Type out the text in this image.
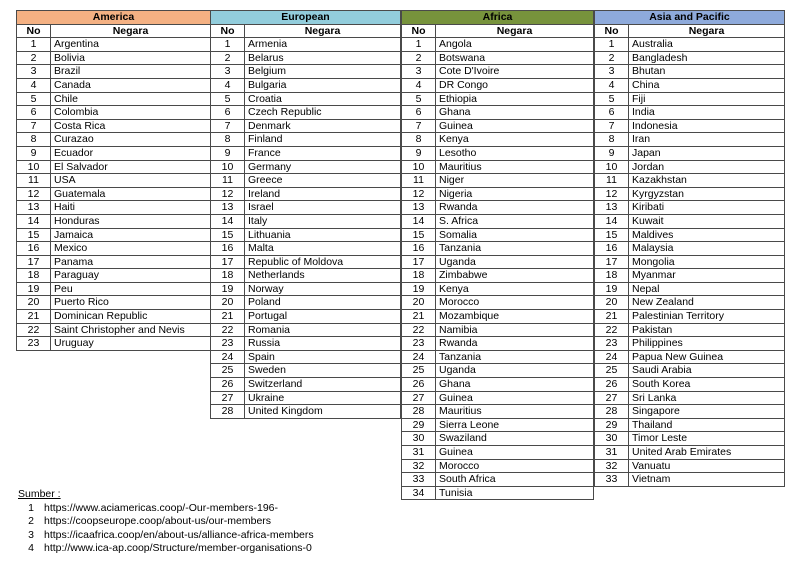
America	
No	Negara
1	Argentina
2	Bolivia
3	Brazil
4	Canada
5	Chile
6	Colombia
7	Costa Rica
8	Curazao
9	Ecuador
10	El Salvador
11	USA
12	Guatemala
13	Haiti
14	Honduras
15	Jamaica
16	Mexico
17	Panama
18	Paraguay
19	Peu
20	Puerto Rico
21	Dominican Republic
22	Saint Christopher and Nevis
23	Uruguay
European	
No	Negara
1	Armenia
2	Belarus
3	Belgium
4	Bulgaria
5	Croatia
6	Czech Republic
7	Denmark
8	Finland
9	France
10	Germany
11	Greece
12	Ireland
13	Israel
14	Italy
15	Lithuania
16	Malta
17	Republic of Moldova
18	Netherlands
19	Norway
20	Poland
21	Portugal
22	Romania
23	Russia
24	Spain
25	Sweden
26	Switzerland
27	Ukraine
28	United Kingdom
Africa	
No	Negara
1	Angola
2	Botswana
3	Cote D'Ivoire
4	DR Congo
5	Ethiopia
6	Ghana
7	Guinea
8	Kenya
9	Lesotho
10	Mauritius
11	Niger
12	Nigeria
13	Rwanda
14	S. Africa
15	Somalia
16	Tanzania
17	Uganda
18	Zimbabwe
19	Kenya
20	Morocco
21	Mozambique
22	Namibia
23	Rwanda
24	Tanzania
25	Uganda
26	Ghana
27	Guinea
28	Mauritius
29	Sierra Leone
30	Swaziland
31	Guinea
32	Morocco
33	South Africa
34	Tunisia
Asia and Pacific	
No	Negara
1	Australia
2	Bangladesh
3	Bhutan
4	China
5	Fiji
6	India
7	Indonesia
8	Iran
9	Japan
10	Jordan
11	Kazakhstan
12	Kyrgyzstan
13	Kiribati
14	Kuwait
15	Maldives
16	Malaysia
17	Mongolia
18	Myanmar
19	Nepal
20	New Zealand
21	Palestinian Territory
22	Pakistan
23	Philippines
24	Papua New Guinea
25	Saudi Arabia
26	South Korea
27	Sri Lanka
28	Singapore
29	Thailand
30	Timor Leste
31	United Arab Emirates
32	Vanuatu
33	Vietnam
Sumber :
1 https://www.aciamericas.coop/-Our-members-196-
2 https://coopseurope.coop/about-us/our-members
3 https://icaafrica.coop/en/about-us/alliance-africa-members
4 http://www.ica-ap.coop/Structure/member-organisations-0
